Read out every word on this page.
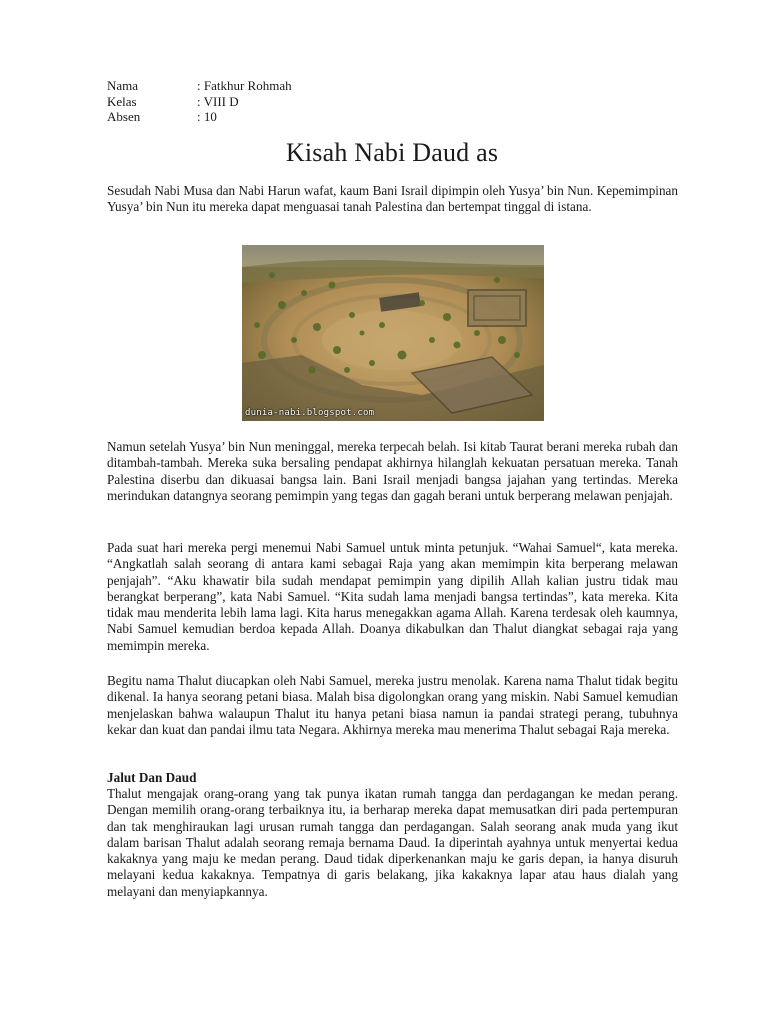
Nama	: Fatkhur Rohmah
Kelas	: VIII D
Absen	: 10
Kisah Nabi Daud as

Sesudah Nabi Musa dan Nabi Harun wafat, kaum Bani Israil dipimpin oleh Yusya’ bin Nun. Kepemimpinan Yusya’ bin Nun itu mereka dapat menguasai tanah Palestina dan bertempat tinggal di istana.

dunia-nabi.blogspot.com

Namun setelah Yusya’ bin Nun meninggal, mereka terpecah belah. Isi kitab Taurat berani mereka rubah dan ditambah-tambah. Mereka suka bersaling pendapat akhirnya hilanglah kekuatan persatuan mereka. Tanah Palestina diserbu dan dikuasai bangsa lain. Bani Israil menjadi bangsa jajahan yang tertindas. Mereka merindukan datangnya seorang pemimpin yang tegas dan gagah berani untuk berperang melawan penjajah.

Pada suat hari mereka pergi menemui Nabi Samuel untuk minta petunjuk. “Wahai Samuel“, kata mereka. “Angkatlah salah seorang di antara kami sebagai Raja yang akan memimpin kita berperang melawan penjajah”. “Aku khawatir bila sudah mendapat pemimpin yang dipilih Allah kalian justru tidak mau berangkat berperang”, kata Nabi Samuel. “Kita sudah lama menjadi bangsa tertindas”, kata mereka. Kita tidak mau menderita lebih lama lagi. Kita harus menegakkan agama Allah. Karena terdesak oleh kaumnya, Nabi Samuel kemudian berdoa kepada Allah. Doanya dikabulkan dan Thalut diangkat sebagai raja yang memimpin mereka.

Begitu nama Thalut diucapkan oleh Nabi Samuel, mereka justru menolak. Karena nama Thalut tidak begitu dikenal. Ia hanya seorang petani biasa. Malah bisa digolongkan orang yang miskin. Nabi Samuel kemudian menjelaskan bahwa walaupun Thalut itu hanya petani biasa namun ia pandai strategi perang, tubuhnya kekar dan kuat dan pandai ilmu tata Negara. Akhirnya mereka mau menerima Thalut sebagai Raja mereka.

Jalut Dan Daud

Thalut mengajak orang-orang yang tak punya ikatan rumah tangga dan perdagangan ke medan perang. Dengan memilih orang-orang terbaiknya itu, ia berharap mereka dapat memusatkan diri pada pertempuran dan tak menghiraukan lagi urusan rumah tangga dan perdagangan. Salah seorang anak muda yang ikut dalam barisan Thalut adalah seorang remaja bernama Daud. Ia diperintah ayahnya untuk menyertai kedua kakaknya yang maju ke medan perang. Daud tidak diperkenankan maju ke garis depan, ia hanya disuruh melayani kedua kakaknya. Tempatnya di garis belakang, jika kakaknya lapar atau haus dialah yang melayani dan menyiapkannya.
